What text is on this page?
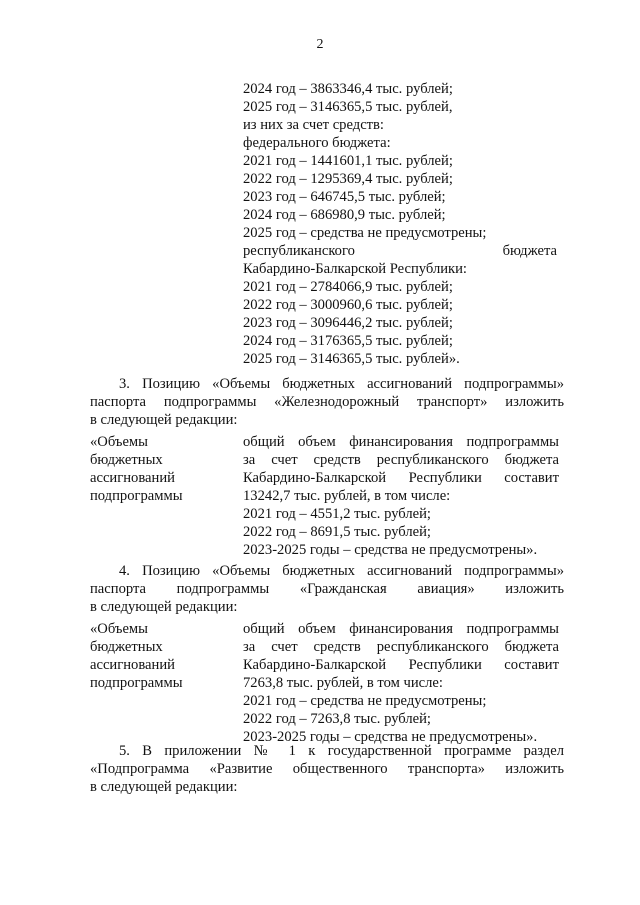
2
2024 год – 3863346,4 тыс. рублей;
2025 год – 3146365,5 тыс. рублей,
из них за счет средств:
федерального бюджета:
2021 год – 1441601,1 тыс. рублей;
2022 год – 1295369,4 тыс. рублей;
2023 год – 646745,5 тыс. рублей;
2024 год – 686980,9 тыс. рублей;
2025 год – средства не предусмотрены;
республиканского	бюджета
Кабардино-Балкарской Республики:
2021 год – 2784066,9 тыс. рублей;
2022 год – 3000960,6 тыс. рублей;
2023 год – 3096446,2 тыс. рублей;
2024 год – 3176365,5 тыс. рублей;
2025 год – 3146365,5 тыс. рублей».
3. Позицию «Объемы бюджетных ассигнований подпрограммы»
паспорта подпрограммы «Железнодорожный транспорт» изложить
в следующей редакции:
«Объемы
бюджетных
ассигнований
подпрограммы
общий объем финансирования подпрограммы
за счет средств республиканского бюджета
Кабардино-Балкарской Республики составит
13242,7 тыс. рублей, в том числе:
2021 год – 4551,2 тыс. рублей;
2022 год – 8691,5 тыс. рублей;
2023-2025 годы – средства не предусмотрены».
4. Позицию «Объемы бюджетных ассигнований подпрограммы»
паспорта подпрограммы «Гражданская авиация» изложить
в следующей редакции:
«Объемы
бюджетных
ассигнований
подпрограммы
общий объем финансирования подпрограммы
за счет средств республиканского бюджета
Кабардино-Балкарской Республики составит
7263,8 тыс. рублей, в том числе:
2021 год – средства не предусмотрены;
2022 год – 7263,8 тыс. рублей;
2023-2025 годы – средства не предусмотрены».
5. В приложении № 1 к государственной программе раздел
«Подпрограмма «Развитие общественного транспорта» изложить
в следующей редакции:
